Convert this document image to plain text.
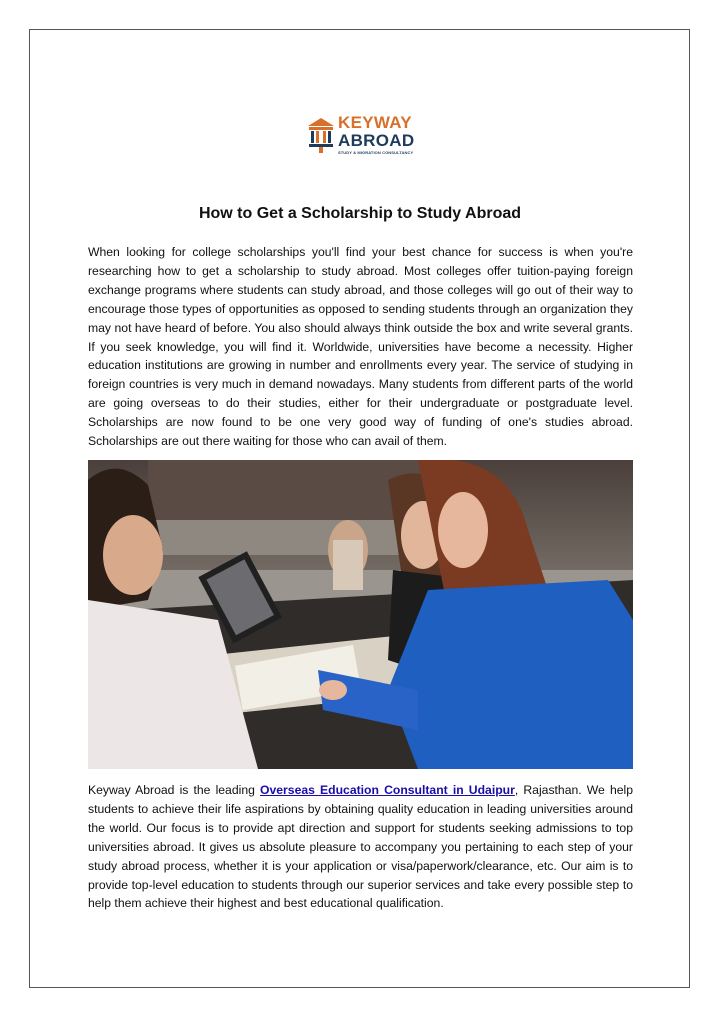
KEYWAY
ABROAD
STUDY & MIGRATION CONSULTANCY
How to Get a Scholarship to Study Abroad

When looking for college scholarships you'll find your best chance for success is when you're researching how to get a scholarship to study abroad. Most colleges offer tuition-paying foreign exchange programs where students can study abroad, and those colleges will go out of their way to encourage those types of opportunities as opposed to sending students through an organization they may not have heard of before. You also should always think outside the box and write several grants. If you seek knowledge, you will find it. Worldwide, universities have become a necessity. Higher education institutions are growing in number and enrollments every year. The service of studying in foreign countries is very much in demand nowadays. Many students from different parts of the world are going overseas to do their studies, either for their undergraduate or postgraduate level. Scholarships are now found to be one very good way of funding of one's studies abroad. Scholarships are out there waiting for those who can avail of them.

Keyway Abroad is the leading Overseas Education Consultant in Udaipur, Rajasthan. We help students to achieve their life aspirations by obtaining quality education in leading universities around the world. Our focus is to provide apt direction and support for students seeking admissions to top universities abroad. It gives us absolute pleasure to accompany you pertaining to each step of your study abroad process, whether it is your application or visa/paperwork/clearance, etc. Our aim is to provide top-level education to students through our superior services and take every possible step to help them achieve their highest and best educational qualification.
